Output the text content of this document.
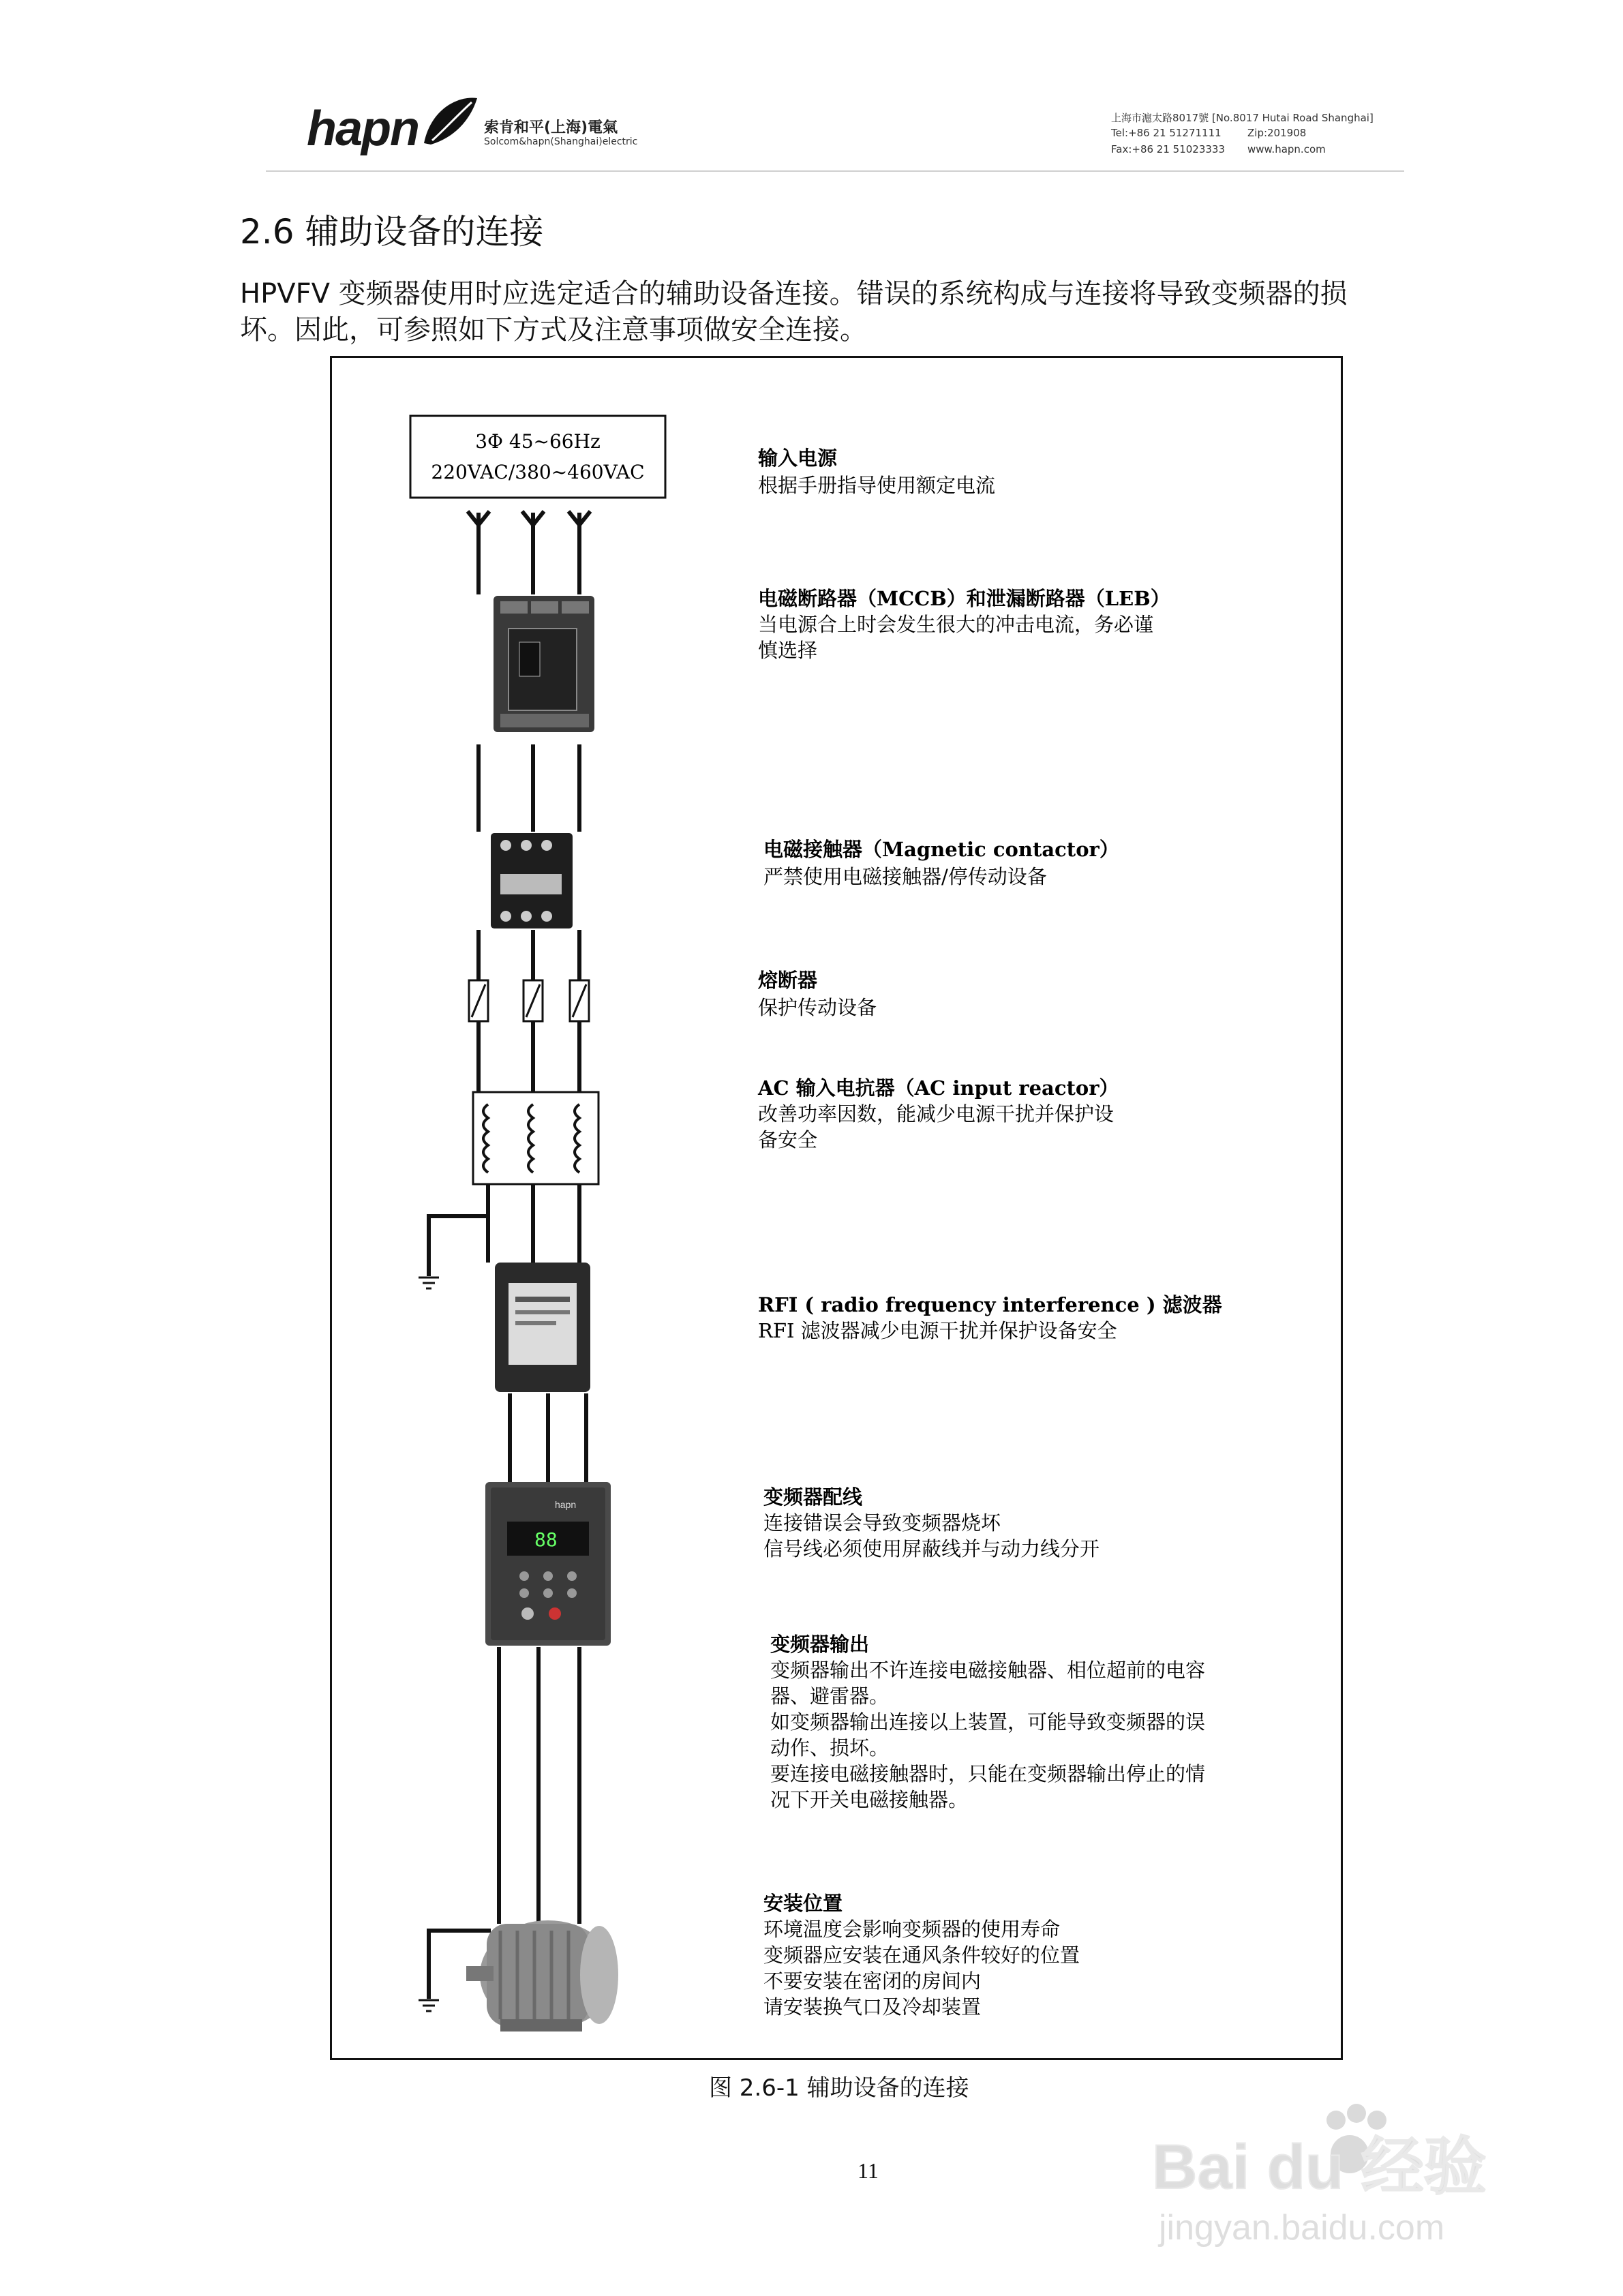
hapn	索肯和平(上海)電氣
Solcom&hapn(Shanghai)electric
上海市滬太路8017號 [No.8017 Hutai Road Shanghai]
Tel:+86 21 51271111	Zip:201908
Fax:+86 21 51023333 www.hapn.com
2.6 辅助设备的连接
HPVFV 变频器使用时应选定适合的辅助设备连接。错误的系统构成与连接将导致变频器的损
坏。因此，可参照如下方式及注意事项做安全连接。
3Φ 45~66Hz
220VAC/380~460VAC
hapn
88
输入电源
根据手册指导使用额定电流
电磁断路器（MCCB）和泄漏断路器（LEB）
当电源合上时会发生很大的冲击电流，务必谨
慎选择
电磁接触器（Magnetic contactor）
严禁使用电磁接触器/停传动设备
熔断器
保护传动设备
AC 输入电抗器（AC input reactor）
改善功率因数，能减少电源干扰并保护设
备安全
RFI ( radio frequency interference ) 滤波器
RFI 滤波器减少电源干扰并保护设备安全
变频器配线
连接错误会导致变频器烧坏
信号线必须使用屏蔽线并与动力线分开
变频器输出
变频器输出不许连接电磁接触器、相位超前的电容
器、避雷器。
如变频器输出连接以上装置，可能导致变频器的误
动作、损坏。
要连接电磁接触器时，只能在变频器输出停止的情
况下开关电磁接触器。
安装位置
环境温度会影响变频器的使用寿命
变频器应安装在通风条件较好的位置
不要安装在密闭的房间内
请安装换气口及冷却装置
图 2.6-1 辅助设备的连接
11	Bai du 经验
jingyan.baidu.com
